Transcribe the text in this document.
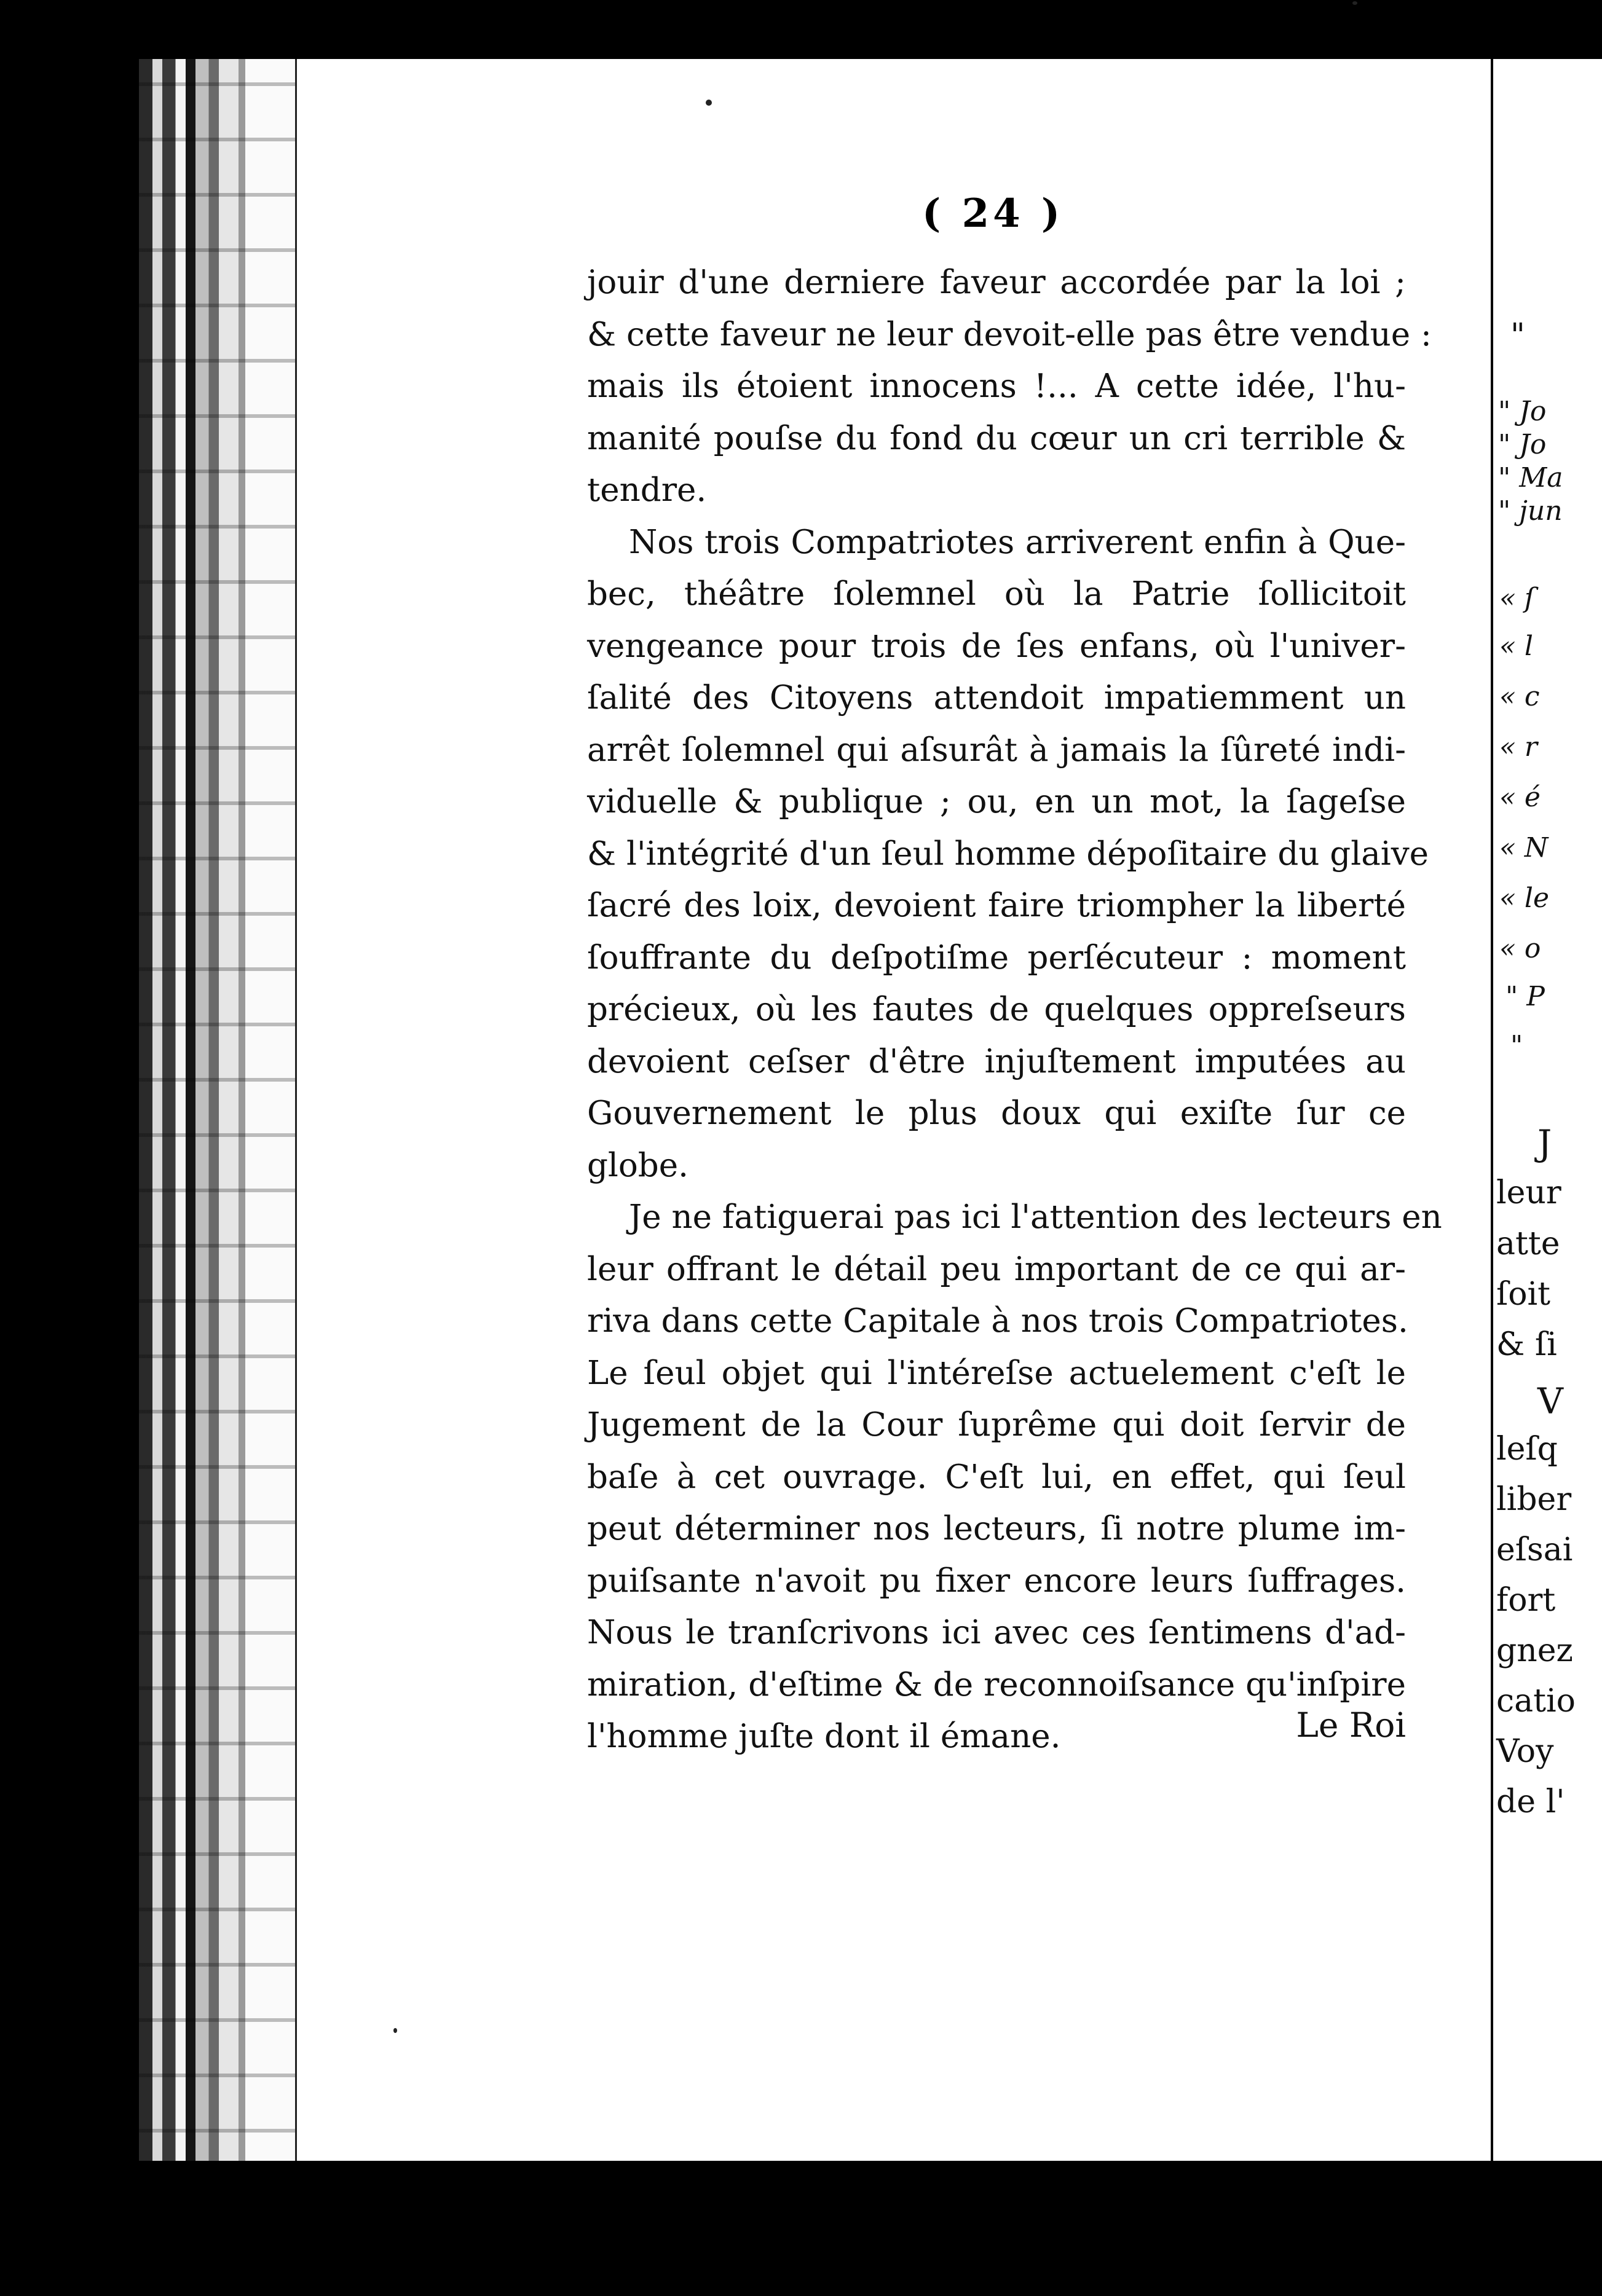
( 24 )
jouir d'une derniere faveur accordée par la loi ;
& cette faveur ne leur devoit-elle pas être vendue :
mais ils étoient innocens !... A cette idée, l'hu-
manité pouſse du fond du cœur un cri terrible &
tendre.
Nos trois Compatriotes arriverent enfin à Que-
bec, théâtre ſolemnel où la Patrie ſollicitoit
vengeance pour trois de ſes enfans, où l'univer-
ſalité des Citoyens attendoit impatiemment un
arrêt ſolemnel qui aſsurât à jamais la ſûreté indi-
viduelle & publique ; ou, en un mot, la ſageſse
& l'intégrité d'un ſeul homme dépoſitaire du glaive
ſacré des loix, devoient faire triompher la liberté
ſouffrante du deſpotiſme perſécuteur : moment
précieux, où les fautes de quelques oppreſseurs
devoient ceſser d'être injuſtement imputées au
Gouvernement le plus doux qui exiſte ſur ce
globe.
Je ne fatiguerai pas ici l'attention des lecteurs en
leur offrant le détail peu important de ce qui ar-
riva dans cette Capitale à nos trois Compatriotes.
Le ſeul objet qui l'intéreſse actuelement c'eſt le
Jugement de la Cour ſuprême qui doit ſervir de
baſe à cet ouvrage. C'eſt lui, en effet, qui ſeul
peut déterminer nos lecteurs, ſi notre plume im-
puiſsante n'avoit pu fixer encore leurs ſuffrages.
Nous le tranſcrivons ici avec ces ſentimens d'ad-
miration, d'eſtime & de reconnoiſsance qu'inſpire
l'homme juſte dont il émane.	Le Roi
"
" Jo
" Jo
" Ma
" jun
« ſ
« l
« c
« r
« é
« N
« le
« o
" P
"
J
leur
atte
ſoit
& ſi
V
leſq
liber
eſsai
fort
gnez
catio
Voy
de l'
